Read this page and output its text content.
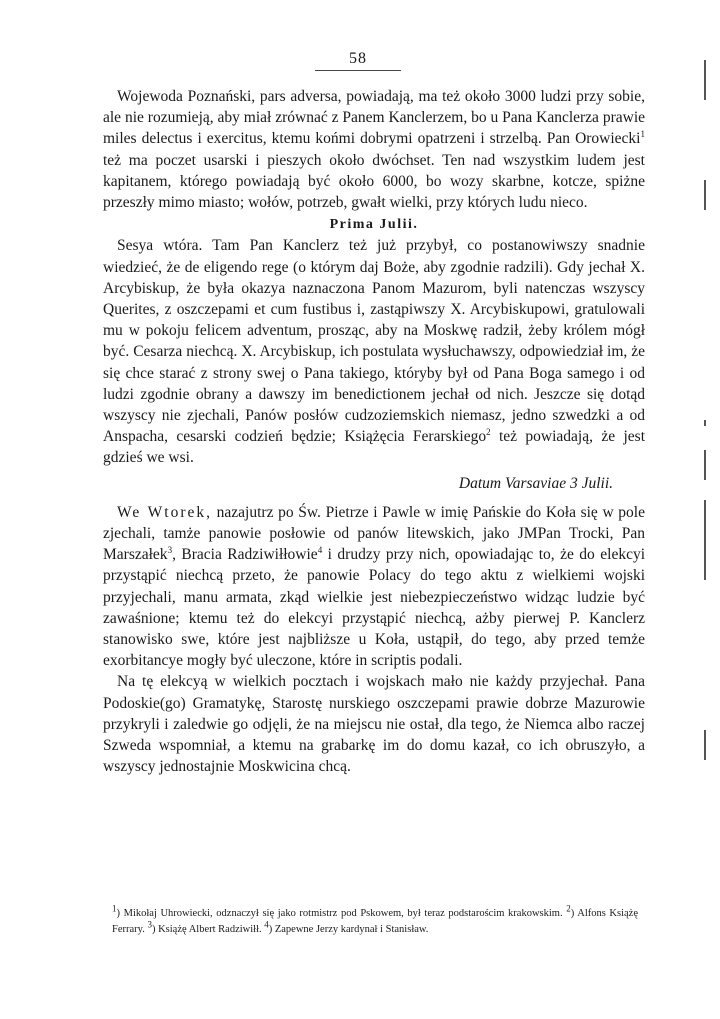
58

Wojewoda Poznański, pars adversa, powiadają, ma też około 3000 ludzi przy sobie, ale nie rozumieją, aby miał zrównać z Panem Kanclerzem, bo u Pana Kanclerza prawie miles delectus i exercitus, ktemu końmi dobrymi opatrzeni i strzelbą. Pan Orowiecki$^1$ też ma poczet usarski i pieszych około dwóchset. Ten nad wszystkim ludem jest kapitanem, którego powiadają być około 6000, bo wozy skarbne, kotcze, spiżne przeszły mimo miasto; wołów, potrzeb, gwałt wielki, przy których ludu nieco.

Prima Julii.

Sesya wtóra. Tam Pan Kanclerz też już przybył, co postanowiwszy snadnie wiedzieć, że de eligendo rege (o którym daj Boże, aby zgodnie radzili). Gdy jechał X. Arcybiskup, że była okazya naznaczona Panom Mazurom, byli natenczas wszyscy Querites, z oszczepami et cum fustibus i, zastąpiwszy X. Arcybiskupowi, gratulowali mu w pokoju felicem adventum, prosząc, aby na Moskwę radził, żeby królem mógł być. Cesarza niechcą. X. Arcybiskup, ich postulata wysłuchawszy, odpowiedział im, że się chce starać z strony swej o Pana takiego, któryby był od Pana Boga samego i od ludzi zgodnie obrany a dawszy im benedictionem jechał od nich. Jeszcze się dotąd wszyscy nie zjechali, Panów posłów cudzoziemskich niemasz, jedno szwedzki a od Anspacha, cesarski codzień będzie; Książęcia Ferarskiego$^2$ też powiadają, że jest gdzieś we wsi.

Datum Varsaviae 3 Julii.

We Wtorek, nazajutrz po Św. Pietrze i Pawle w imię Pańskie do Koła się w pole zjechali, tamże panowie posłowie od panów litewskich, jako JMPan Trocki, Pan Marszałek$^3$, Bracia Radziwiłłowie$^4$ i drudzy przy nich, opowiadając to, że do elekcyi przystąpić niechcą przeto, że panowie Polacy do tego aktu z wielkiemi wojski przyjechali, manu armata, zkąd wielkie jest niebezpieczeństwo widząc ludzie być zawaśnione; ktemu też do elekcyi przystąpić niechcą, ażby pierwej P. Kanclerz stanowisko swe, które jest najbliższe u Koła, ustąpił, do tego, aby przed temże exorbitancye mogły być uleczone, które in scriptis podali.

Na tę elekcyą w wielkich pocztach i wojskach mało nie każdy przyjechał. Pana Podoskie(go) Gramatykę, Starostę nurskiego oszczepami prawie dobrze Mazurowie przykryli i zaledwie go odjęli, że na miejscu nie ostał, dla tego, że Niemca albo raczej Szweda wspomniał, a ktemu na grabarkę im do domu kazał, co ich obruszyło, a wszyscy jednostajnie Moskwicina chcą.

$^1$) Mikołaj Uhrowiecki, odznaczył się jako rotmistrz pod Pskowem, był teraz podstarościm krakowskim. $^2$) Alfons Książę Ferrary. $^3$) Książę Albert Radziwiłł. $^4$) Zapewne Jerzy kardynał i Stanisław.
